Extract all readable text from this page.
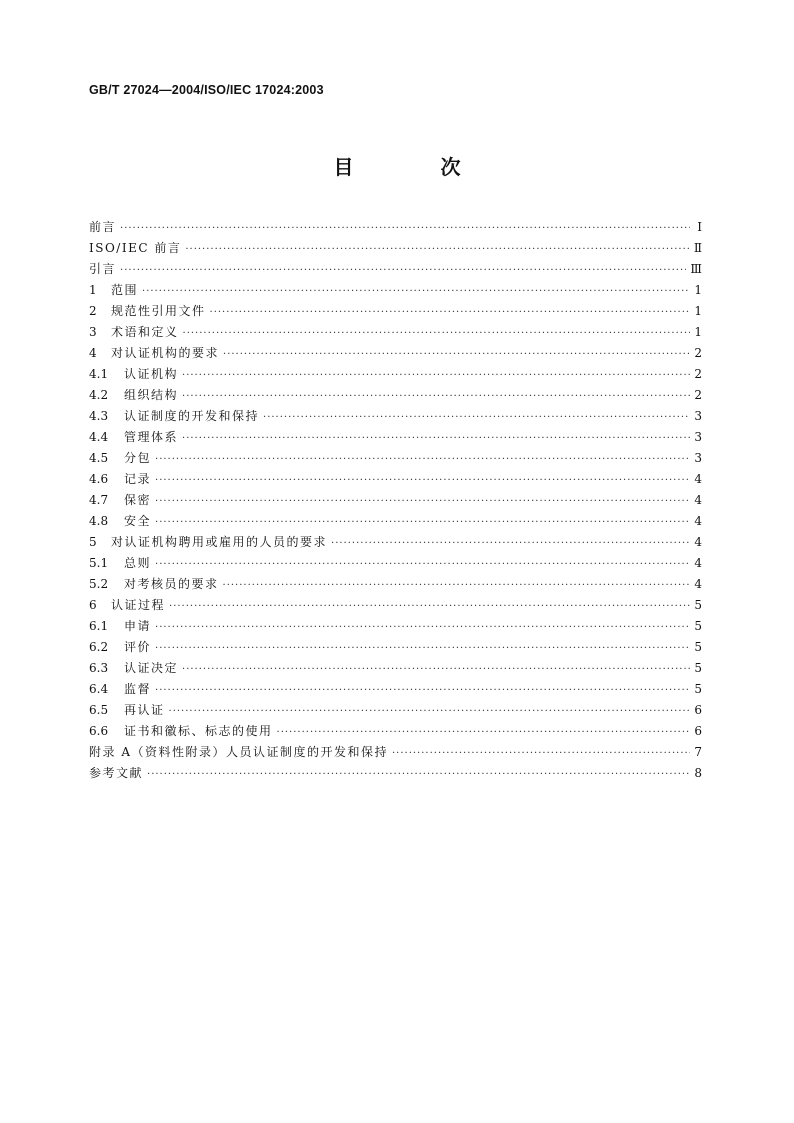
GB/T 27024—2004/ISO/IEC 17024:2003
目 次
前言 ·····	Ⅰ
ISO/IEC 前言 ·····	Ⅱ
引言 ·····	Ⅲ
1	范围 ·····	1
2	规范性引用文件 ·····	1
3	术语和定义 ·····	1
4	对认证机构的要求 ·····	2
4.1	认证机构 ·····	2
4.2	组织结构 ·····	2
4.3	认证制度的开发和保持 ·····	3
4.4	管理体系 ·····	3
4.5	分包 ·····	3
4.6	记录 ·····	4
4.7	保密 ·····	4
4.8	安全 ·····	4
5	对认证机构聘用或雇用的人员的要求 ·····	4
5.1	总则 ·····	4
5.2	对考核员的要求 ·····	4
6	认证过程 ·····	5
6.1	申请 ·····	5
6.2	评价 ·····	5
6.3	认证决定 ·····	5
6.4	监督 ·····	5
6.5	再认证 ·····	6
6.6	证书和徽标、标志的使用 ·····	6
附录 A（资料性附录）人员认证制度的开发和保持 ·····	7
参考文献 ·····	8
